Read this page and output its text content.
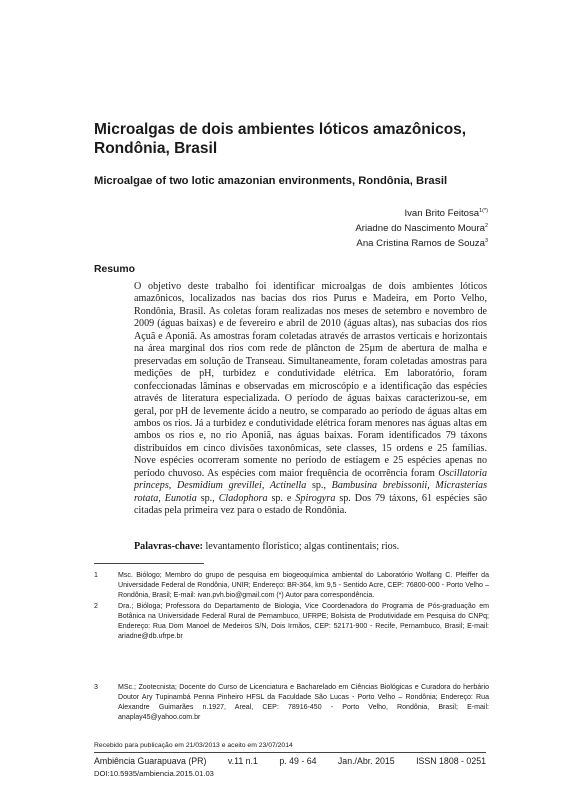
Microalgas de dois ambientes lóticos amazônicos, Rondônia, Brasil
Microalgae of two lotic amazonian environments, Rondônia, Brasil
Ivan Brito Feitosa$^{1(*)}$
Ariadne do Nascimento Moura$^2$
Ana Cristina Ramos de Souza$^3$
Resumo

O objetivo deste trabalho foi identificar microalgas de dois ambientes lóticos amazônicos, localizados nas bacias dos rios Purus e Madeira, em Porto Velho, Rondônia, Brasil. As coletas foram realizadas nos meses de setembro e novembro de 2009 (águas baixas) e de fevereiro e abril de 2010 (águas altas), nas subacias dos rios Açuã e Aponiã. As amostras foram coletadas através de arrastos verticais e horizontais na área marginal dos rios com rede de plâncton de 25µm de abertura de malha e preservadas em solução de Transeau. Simultaneamente, foram coletadas amostras para medições de pH, turbidez e condutividade elétrica. Em laboratório, foram confeccionadas lâminas e observadas em microscópio e a identificação das espécies através de literatura especializada. O período de águas baixas caracterizou-se, em geral, por pH de levemente ácido a neutro, se comparado ao período de águas altas em ambos os rios. Já a turbidez e condutividade elétrica foram menores nas águas altas em ambos os rios e, no rio Aponiã, nas águas baixas. Foram identificados 79 táxons distribuídos em cinco divisões taxonômicas, sete classes, 15 ordens e 25 famílias. Nove espécies ocorreram somente no período de estiagem e 25 espécies apenas no período chuvoso. As espécies com maior frequência de ocorrência foram Oscillatoria princeps, Desmidium grevillei, Actinella sp., Bambusina brebissonii, Micrasterias rotata, Eunotia sp., Cladophora sp. e Spirogyra sp. Dos 79 táxons, 61 espécies são citadas pela primeira vez para o estado de Rondônia.

Palavras-chave: levantamento florístico; algas continentais; rios.
1	Msc. Biólogo; Membro do grupo de pesquisa em biogeoquímica ambiental do Laboratório Wolfang C. Pfeiffer da Universidade Federal de Rondônia, UNIR; Endereço: BR-364, km 9,5 - Sentido Acre, CEP: 76800-000 - Porto Velho – Rondônia, Brasil; E-mail: ivan.pvh.bio@gmail.com (*) Autor para correspondência.
2	Dra.; Bióloga; Professora do Departamento de Biologia, Vice Coordenadora do Programa de Pós-graduação em Botânica na Universidade Federal Rural de Pernambuco, UFRPE; Bolsista de Produtividade em Pesquisa do CNPq; Endereço: Rua Dom Manoel de Medeiros S/N, Dois Irmãos, CEP: 52171-900 - Recife, Pernambuco, Brasil; E-mail: ariadne@db.ufrpe.br
3	MSc.; Zootecnista; Docente do Curso de Licenciatura e Bacharelado em Ciências Biológicas e Curadora do herbário Doutor Ary Tupinambá Penna Pinheiro HFSL da Faculdade São Lucas - Porto Velho – Rondônia; Endereço: Rua Alexandre Guimarães n.1927, Areal, CEP: 78916-450 - Porto Velho, Rondônia, Brasil; E-mail: anaplay45@yahoo.com.br
Recebido para publicação em 21/03/2013 e aceito em 23/07/2014
Ambiência Guarapuava (PR) v.11 n.1 p. 49 - 64 Jan./Abr. 2015 ISSN 1808 - 0251
DOI:10.5935/ambiencia.2015.01.03
